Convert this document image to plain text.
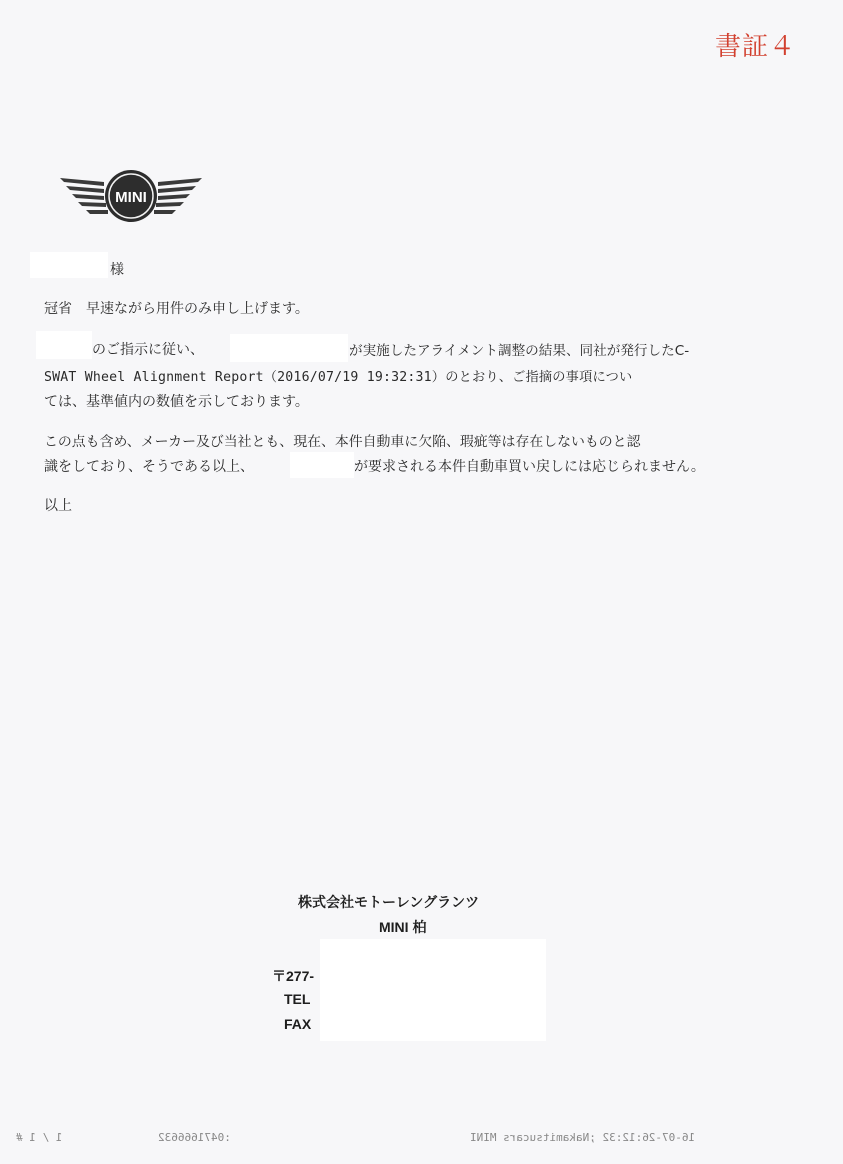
書証４
MINI
様
冠省　早速ながら用件のみ申し上げます。
のご指示に従い、	が実施したアライメント調整の結果、同社が発行したC-
SWAT Wheel Alignment Report（2016/07/19 19:32:31）のとおり、ご指摘の事項につい
ては、基準値内の数値を示しております。
この点も含め、メーカー及び当社とも、現在、本件自動車に欠陥、瑕疵等は存在しないものと認
識をしており、そうである以上、	が要求される本件自動車買い戻しには応じられません。
以上
株式会社モトーレングランツ
MINI 柏
〒277-
TEL
FAX
1 / 1 #	:0471666632	16-07-26:12:32 ;Nakamitsucars MINI
